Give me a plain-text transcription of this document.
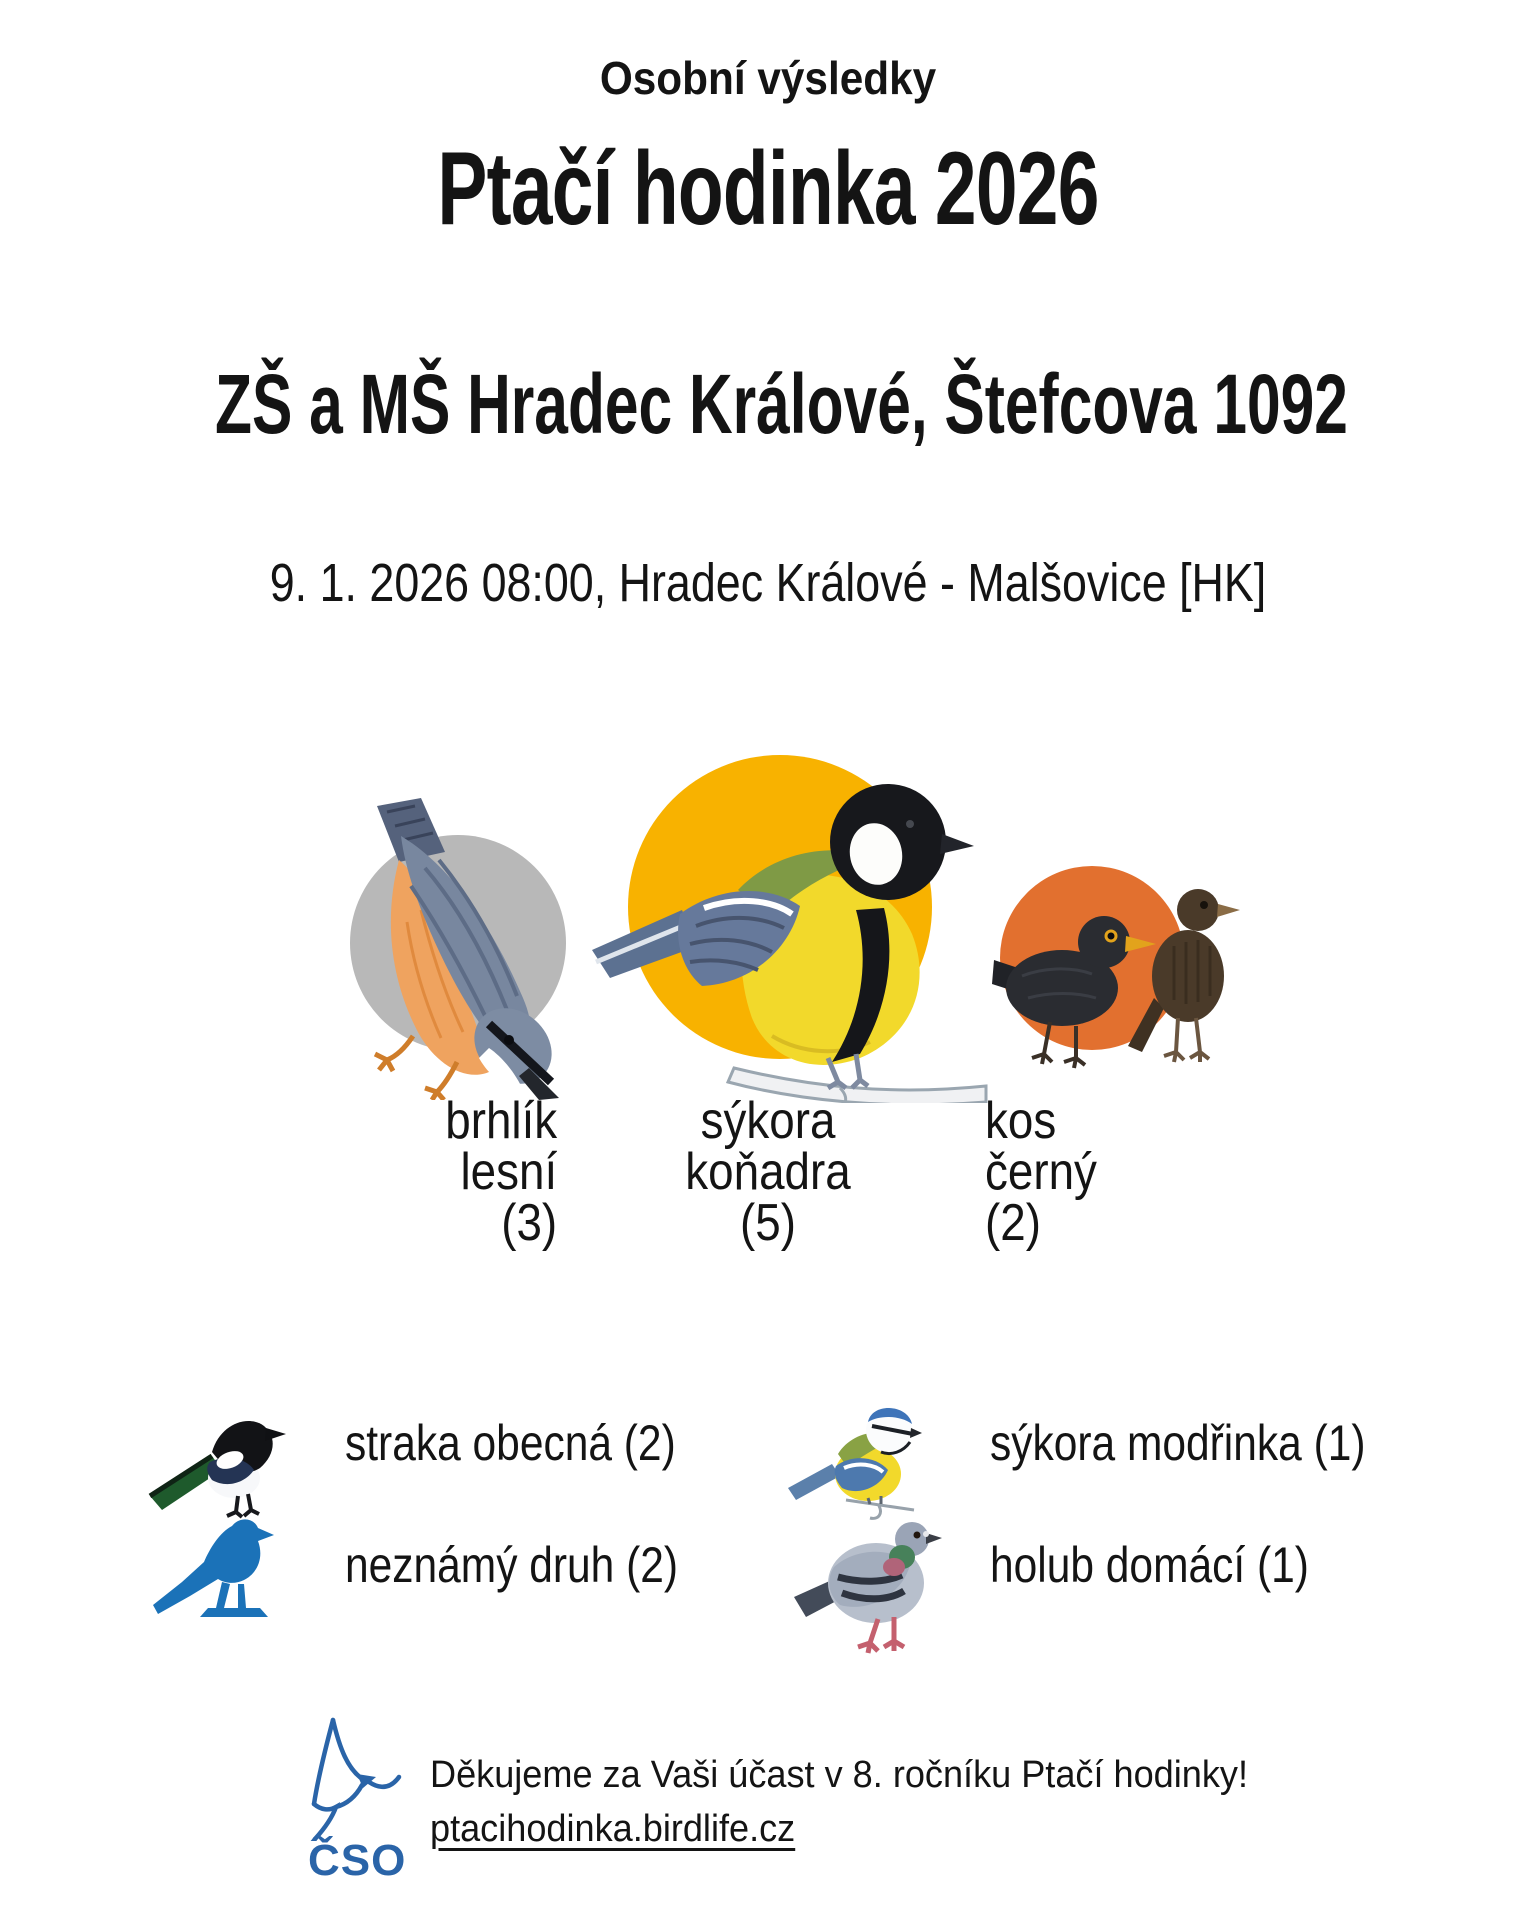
Osobní výsledky
Ptačí hodinka 2026
ZŠ a MŠ Hradec Králové, Štefcova 1092
9. 1. 2026 08:00, Hradec Králové - Malšovice [HK]
brhlík
lesní
(3)
sýkora
koňadra
(5)
kos
černý
(2)
straka obecná (2)	sýkora modřinka (1)
neznámý druh (2)	holub domácí (1)
ČSO
Děkujeme za Vaši účast v 8. ročníku Ptačí hodinky!
ptacihodinka.birdlife.cz
